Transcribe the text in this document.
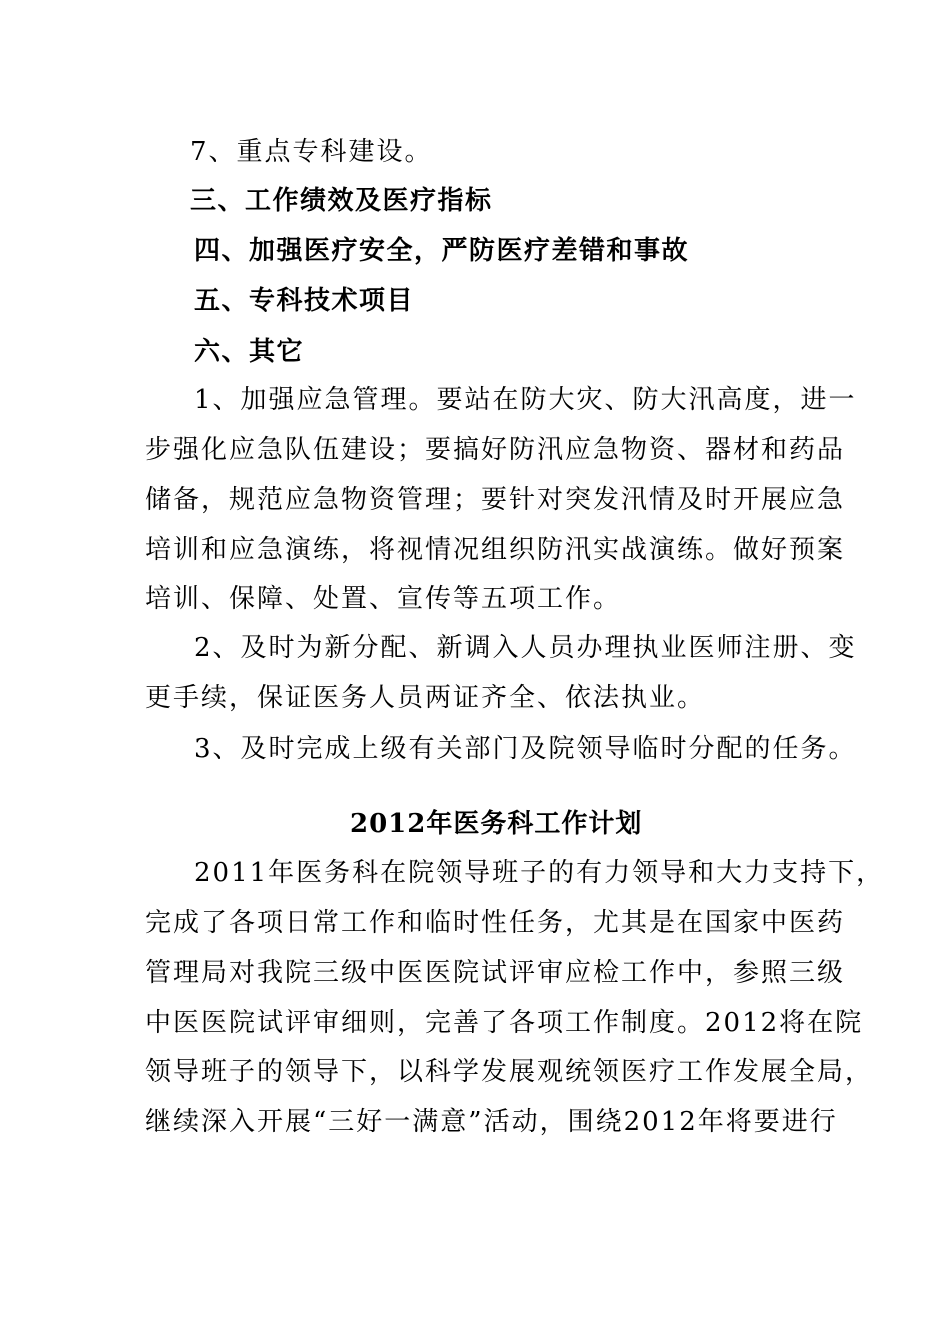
7、重点专科建设。
三、工作绩效及医疗指标
四、加强医疗安全，严防医疗差错和事故
五、专科技术项目
六、其它
1、加强应急管理。要站在防大灾、防大汛高度，进一
步强化应急队伍建设；要搞好防汛应急物资、器材和药品
储备，规范应急物资管理；要针对突发汛情及时开展应急
培训和应急演练，将视情况组织防汛实战演练。做好预案
培训、保障、处置、宣传等五项工作。
2、及时为新分配、新调入人员办理执业医师注册、变
更手续，保证医务人员两证齐全、依法执业。
3、及时完成上级有关部门及院领导临时分配的任务。
2012年医务科工作计划
2011年医务科在院领导班子的有力领导和大力支持下，
完成了各项日常工作和临时性任务，尤其是在国家中医药
管理局对我院三级中医医院试评审应检工作中，参照三级
中医医院试评审细则，完善了各项工作制度。2012将在院
领导班子的领导下，以科学发展观统领医疗工作发展全局，
继续深入开展“三好一满意”活动，围绕2012年将要进行
